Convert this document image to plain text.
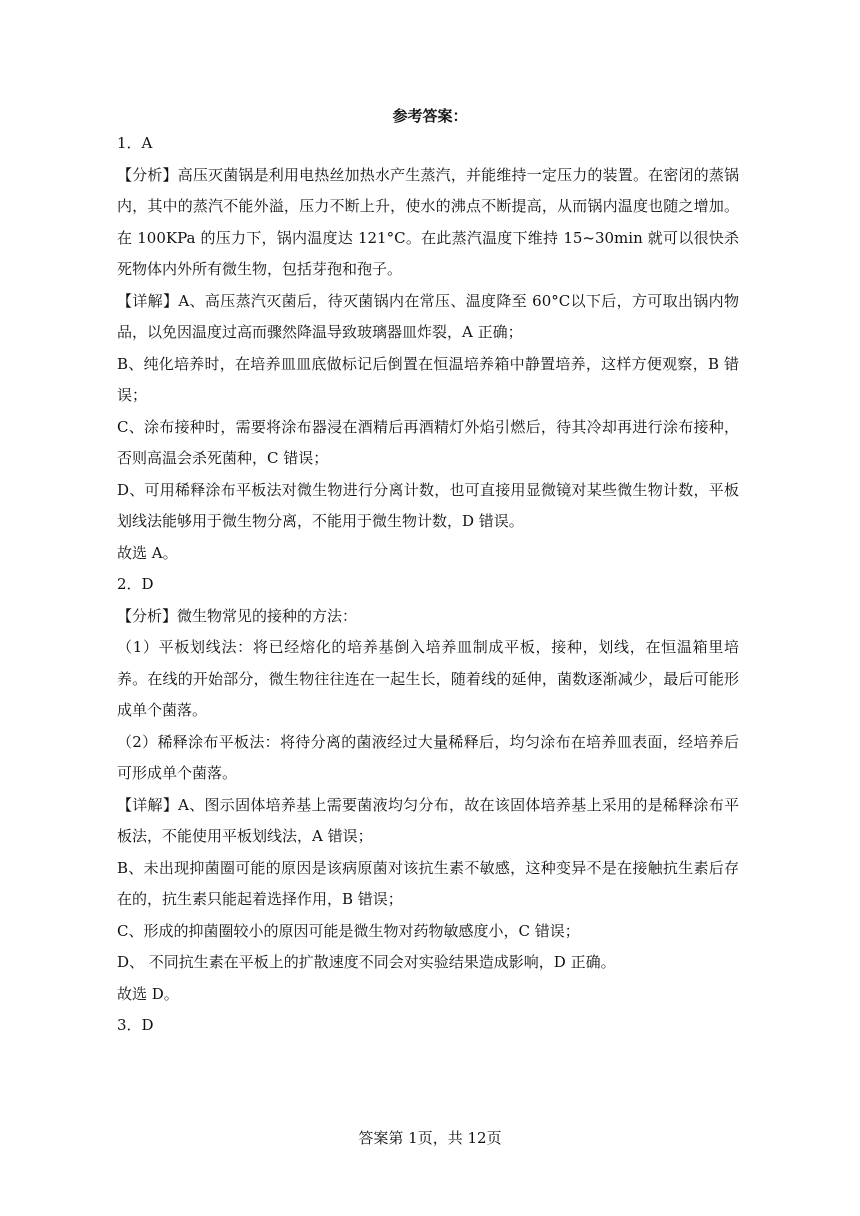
参考答案：

1．A

【分析】高压灭菌锅是利用电热丝加热水产生蒸汽，并能维持一定压力的装置。在密闭的蒸锅内，其中的蒸汽不能外溢，压力不断上升，使水的沸点不断提高，从而锅内温度也随之增加。在 100KPa 的压力下，锅内温度达 121°C。在此蒸汽温度下维持 15~30min 就可以很快杀死物体内外所有微生物，包括芽孢和孢子。

【详解】A、高压蒸汽灭菌后，待灭菌锅内在常压、温度降至 60°C以下后，方可取出锅内物品，以免因温度过高而骤然降温导致玻璃器皿炸裂，A 正确；

B、纯化培养时，在培养皿皿底做标记后倒置在恒温培养箱中静置培养，这样方便观察，B 错误；

C、涂布接种时，需要将涂布器浸在酒精后再酒精灯外焰引燃后，待其冷却再进行涂布接种，否则高温会杀死菌种，C 错误；

D、可用稀释涂布平板法对微生物进行分离计数，也可直接用显微镜对某些微生物计数，平板划线法能够用于微生物分离，不能用于微生物计数，D 错误。

故选 A。

2．D

【分析】微生物常见的接种的方法：

（1）平板划线法：将已经熔化的培养基倒入培养皿制成平板，接种，划线，在恒温箱里培养。在线的开始部分，微生物往往连在一起生长，随着线的延伸，菌数逐渐减少，最后可能形成单个菌落。

（2）稀释涂布平板法：将待分离的菌液经过大量稀释后，均匀涂布在培养皿表面，经培养后可形成单个菌落。

【详解】A、图示固体培养基上需要菌液均匀分布，故在该固体培养基上采用的是稀释涂布平板法，不能使用平板划线法，A 错误；

B、未出现抑菌圈可能的原因是该病原菌对该抗生素不敏感，这种变异不是在接触抗生素后存在的，抗生素只能起着选择作用，B 错误；

C、形成的抑菌圈较小的原因可能是微生物对药物敏感度小，C 错误；

D、 不同抗生素在平板上的扩散速度不同会对实验结果造成影响，D 正确。

故选 D。

3．D

答案第 1页，共 12页
